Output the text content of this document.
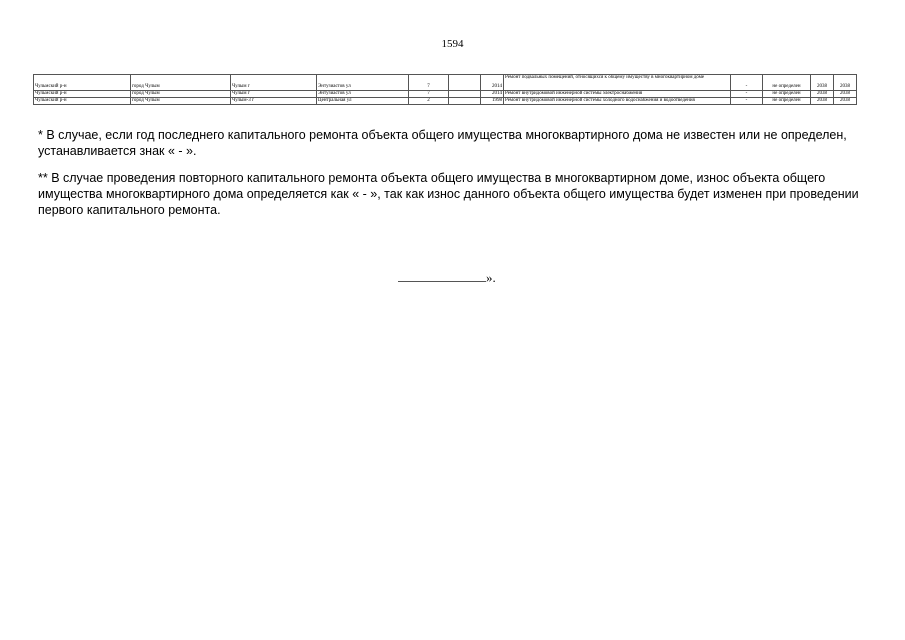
1594
Чульмский р-н	город Чулым	Чулым г	Энтузиастов ул	7		2014	Ремонт подвальных помещений, относящихся к общему имуществу в многоквартирном доме	-	не определен	2038	2038
Чульмский р-н	город Чулым	Чулым г	Энтузиастов ул	7		2014	Ремонт внутридомовой инженерной системы электроснабжения	-	не определен	2038	2038
Чульмский р-н	город Чулым	Чулым-3 г	Центральная ул	2		1998	Ремонт внутридомовой инженерной системы холодного водоснабжения и водоотведения	-	не определен	2038	2038
* В случае, если год последнего капитального ремонта объекта общего имущества многоквартирного дома не известен или не определен, устанавливается знак « - ».
** В случае проведения повторного капитального ремонта объекта общего имущества в многоквартирном доме, износ объекта общего имущества многоквартирного дома определяется как « - », так как износ данного объекта общего имущества будет изменен при проведении первого капитального ремонта.
».
